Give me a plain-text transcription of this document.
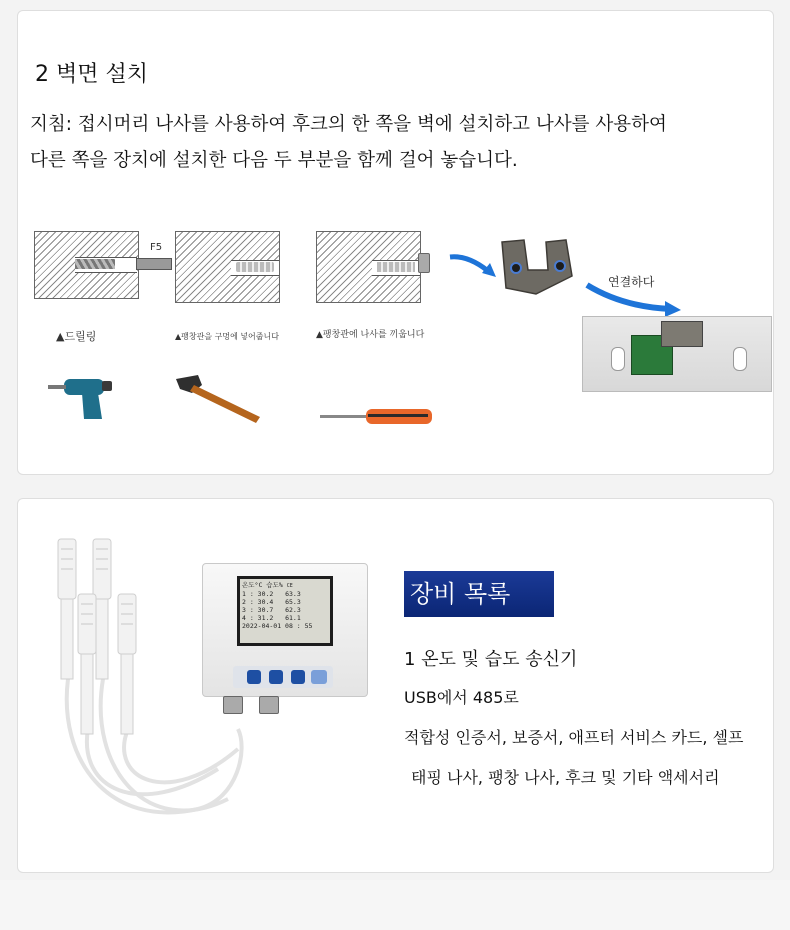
2 벽면 설치
지침: 접시머리 나사를 사용하여 후크의 한 쪽을 벽에 설치하고 나사를 사용하여
다른 쪽을 장치에 설치한 다음 두 부분을 함께 걸어 놓습니다.
F5
▲드릴링	▲팽창관을 구멍에 넣어줍니다	▲팽창관에 나사를 끼웁니다
연결하다
온도°C 습도% CE
1 : 30.2 63.3
2 : 30.4 65.3
3 : 30.7 62.3
4 : 31.2 61.1
2022-04-01 08 : 55
장비 목록
1 온도 및 습도 송신기
USB에서 485로
적합성 인증서, 보증서, 애프터 서비스 카드, 셀프
태핑 나사, 팽창 나사, 후크 및 기타 액세서리
